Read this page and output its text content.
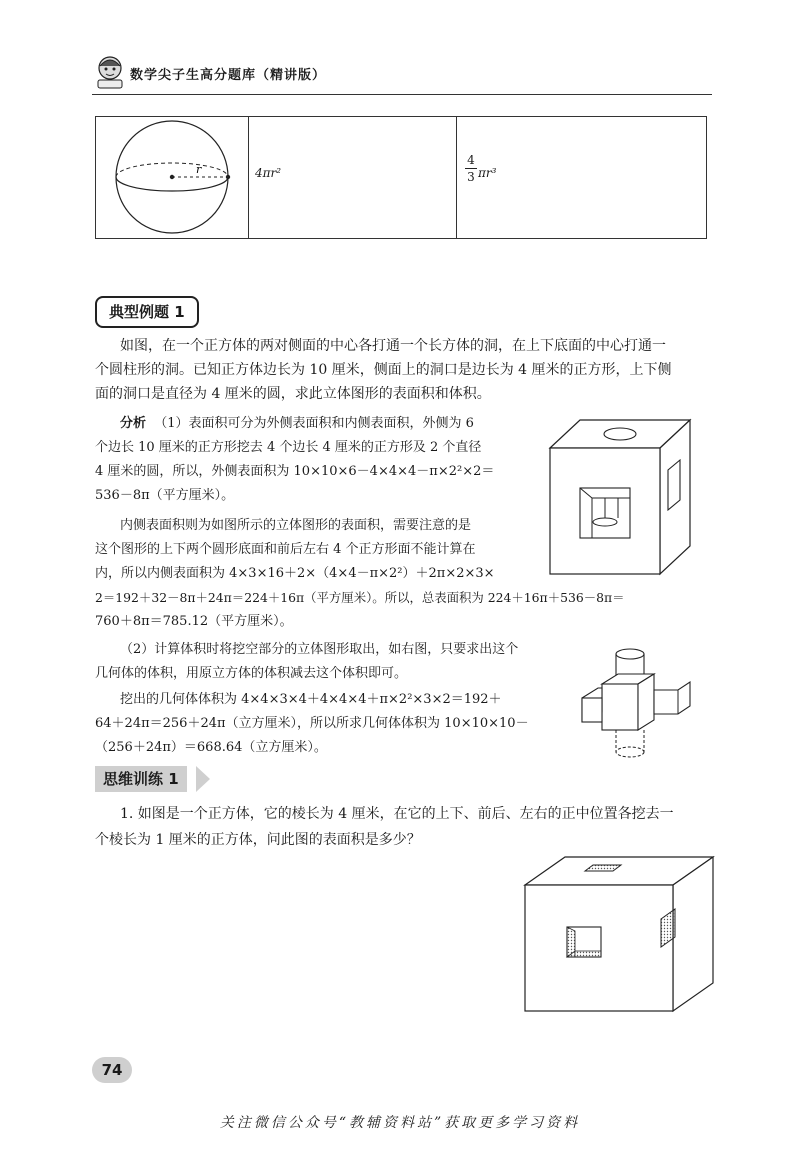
数学尖子生高分题库（精讲版）
r	4πr²
4
3 πr³
典型例题 1
如图，在一个正方体的两对侧面的中心各打通一个长方体的洞，在上下底面的中心打通一
个圆柱形的洞。已知正方体边长为 10 厘米，侧面上的洞口是边长为 4 厘米的正方形，上下侧
面的洞口是直径为 4 厘米的圆，求此立体图形的表面积和体积。
分析 （1）表面积可分为外侧表面积和内侧表面积，外侧为 6
个边长 10 厘米的正方形挖去 4 个边长 4 厘米的正方形及 2 个直径
4 厘米的圆，所以，外侧表面积为 10×10×6－4×4×4－π×2²×2＝
536－8π（平方厘米）。
内侧表面积则为如图所示的立体图形的表面积，需要注意的是
这个图形的上下两个圆形底面和前后左右 4 个正方形面不能计算在
内，所以内侧表面积为 4×3×16＋2×（4×4－π×2²）＋2π×2×3×
2＝192＋32－8π＋24π＝224＋16π（平方厘米）。所以，总表面积为 224＋16π＋536－8π＝
760＋8π＝785.12（平方厘米）。
（2）计算体积时将挖空部分的立体图形取出，如右图，只要求出这个
几何体的体积，用原立方体的体积减去这个体积即可。
挖出的几何体体积为 4×4×3×4＋4×4×4＋π×2²×3×2＝192＋
64＋24π＝256＋24π（立方厘米），所以所求几何体体积为 10×10×10－
（256＋24π）＝668.64（立方厘米）。
思维训练 1
1. 如图是一个正方体，它的棱长为 4 厘米，在它的上下、前后、左右的正中位置各挖去一
个棱长为 1 厘米的正方体，问此图的表面积是多少？
74
关注微信公众号“教辅资料站”获取更多学习资料
